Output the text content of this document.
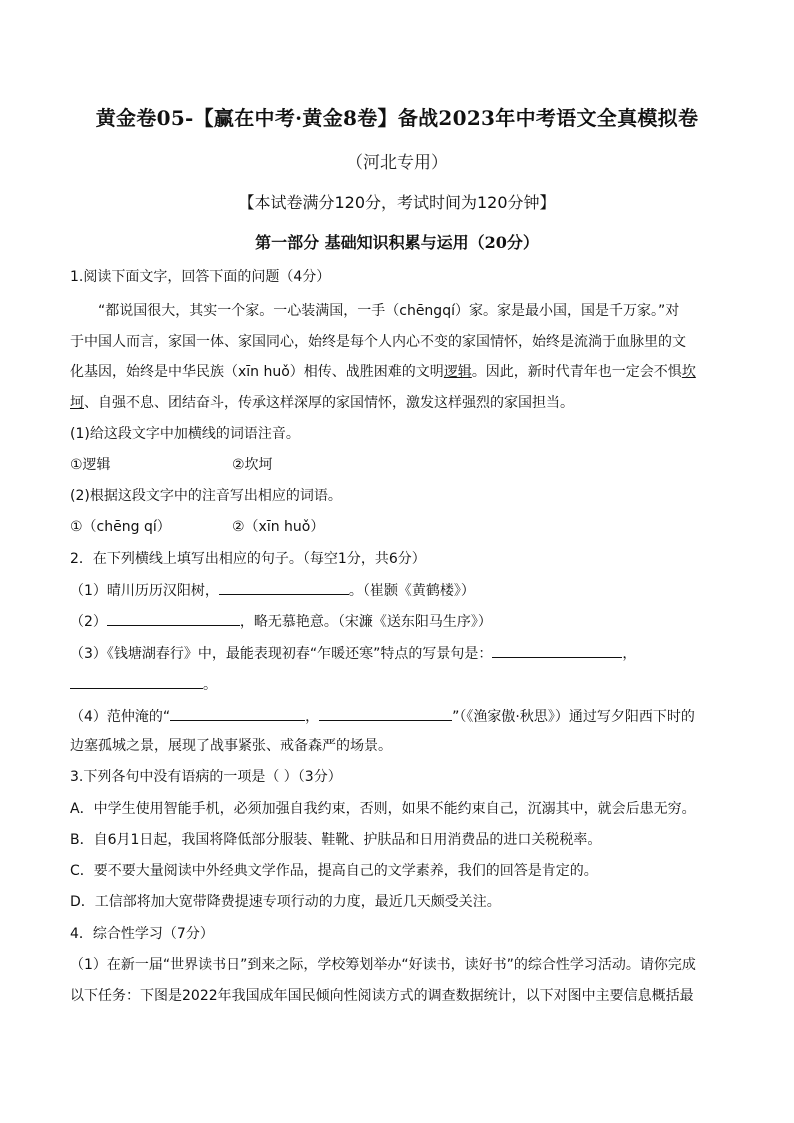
黄金卷05-【赢在中考·黄金8卷】备战2023年中考语文全真模拟卷
（河北专用）
【本试卷满分120分，考试时间为120分钟】
第一部分 基础知识积累与运用（20分）
1.阅读下面文字，回答下面的问题（4分）
“都说国很大，其实一个家。一心装满国，一手（chēngqí）家。家是最小国，国是千万家。”对
于中国人而言，家国一体、家国同心，始终是每个人内心不变的家国情怀，始终是流淌于血脉里的文
化基因，始终是中华民族（xīn huǒ）相传、战胜困难的文明逻辑。因此，新时代青年也一定会不惧坎
坷、自强不息、团结奋斗，传承这样深厚的家国情怀，激发这样强烈的家国担当。
(1)给这段文字中加横线的词语注音。
①逻辑	②坎坷
(2)根据这段文字中的注音写出相应的词语。
①（chēng qí）	②（xīn huǒ）
2．在下列横线上填写出相应的句子。（每空1分，共6分）
（1）晴川历历汉阳树，	。（崔颢《黄鹤楼》）
（2）	，略无慕艳意。（宋濂《送东阳马生序》）
（3）《钱塘湖春行》中，最能表现初春“乍暖还寒”特点的写景句是：	，
。
（4）范仲淹的“	，	”（《渔家傲·秋思》）通过写夕阳西下时的
边塞孤城之景，展现了战事紧张、戒备森严的场景。
3.下列各句中没有语病的一项是（ ）（3分）
A．中学生使用智能手机，必须加强自我约束，否则，如果不能约束自己，沉溺其中，就会后患无穷。
B．自6月1日起，我国将降低部分服装、鞋靴、护肤品和日用消费品的进口关税税率。
C．要不要大量阅读中外经典文学作品，提高自己的文学素养，我们的回答是肯定的。
D．工信部将加大宽带降费提速专项行动的力度，最近几天颇受关注。
4．综合性学习（7分）
（1）在新一届“世界读书日”到来之际，学校筹划举办“好读书，读好书”的综合性学习活动。请你完成
以下任务：下图是2022年我国成年国民倾向性阅读方式的调查数据统计，以下对图中主要信息概括最
